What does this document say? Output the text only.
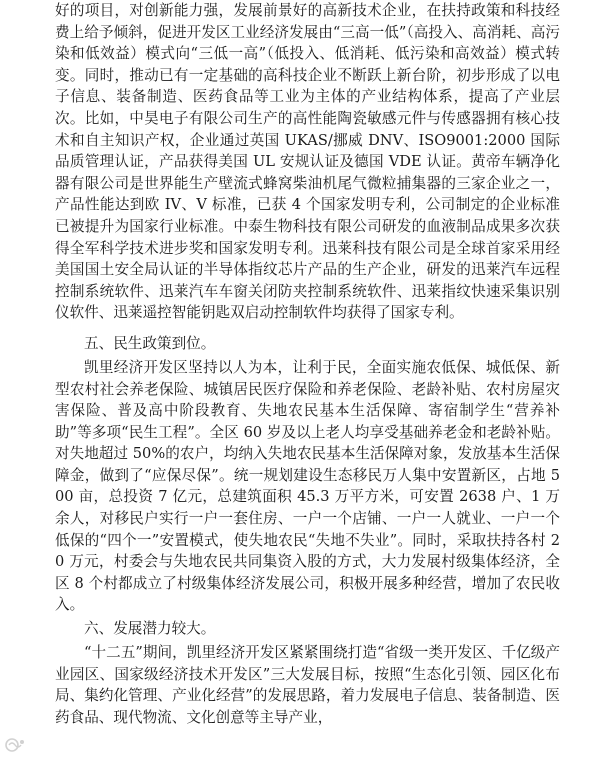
好的项目，对创新能力强，发展前景好的高新技术企业，在扶持政策和科技经费上给予倾斜，促进开发区工业经济发展由“三高一低”（高投入、高消耗、高污染和低效益）模式向“三低一高”（低投入、低消耗、低污染和高效益）模式转变。同时，推动已有一定基础的高科技企业不断跃上新台阶，初步形成了以电子信息、装备制造、医药食品等工业为主体的产业结构体系，提高了产业层次。比如，中昊电子有限公司生产的高性能陶瓷敏感元件与传感器拥有核心技术和自主知识产权，企业通过英国 UKAS/挪威 DNV、ISO9001:2000 国际品质管理认证，产品获得美国 UL 安规认证及德国 VDE 认证。黄帝车辆净化器有限公司是世界能生产壁流式蜂窝柴油机尾气微粒捕集器的三家企业之一，产品性能达到欧 IV、V 标准，已获 4 个国家发明专利，公司制定的企业标准已被提升为国家行业标准。中泰生物科技有限公司研发的血液制品成果多次获得全军科学技术进步奖和国家发明专利。迅莱科技有限公司是全球首家采用经美国国土安全局认证的半导体指纹芯片产品的生产企业，研发的迅莱汽车远程控制系统软件、迅莱汽车车窗关闭防夹控制系统软件、迅莱指纹快速采集识别仪软件、迅莱遥控智能钥匙双启动控制软件均获得了国家专利。

五、民生政策到位。

凯里经济开发区坚持以人为本，让利于民，全面实施农低保、城低保、新型农村社会养老保险、城镇居民医疗保险和养老保险、老龄补贴、农村房屋灾害保险、普及高中阶段教育、失地农民基本生活保障、寄宿制学生“营养补助”等多项“民生工程”。全区 60 岁及以上老人均享受基础养老金和老龄补贴。对失地超过 50%的农户，均纳入失地农民基本生活保障对象，发放基本生活保障金，做到了“应保尽保”。统一规划建设生态移民万人集中安置新区，占地 500 亩，总投资 7 亿元，总建筑面积 45.3 万平方米，可安置 2638 户、1 万余人，对移民户实行一户一套住房、一户一个店铺、一户一人就业、一户一个低保的“四个一”安置模式，使失地农民“失地不失业”。同时，采取扶持各村 20 万元，村委会与失地农民共同集资入股的方式，大力发展村级集体经济，全区 8 个村都成立了村级集体经济发展公司，积极开展多种经营，增加了农民收入。

六、发展潜力较大。

“十二五”期间，凯里经济开发区紧紧围绕打造“省级一类开发区、千亿级产业园区、国家级经济技术开发区”三大发展目标，按照“生态化引领、园区化布局、集约化管理、产业化经营”的发展思路，着力发展电子信息、装备制造、医药食品、现代物流、文化创意等主导产业，
